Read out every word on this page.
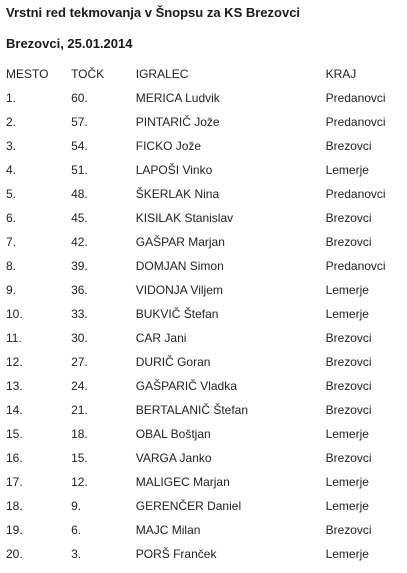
Vrstni red tekmovanja v Šnopsu za KS Brezovci
Brezovci, 25.01.2014
MESTO	TOČK	IGRALEC	KRAJ
1.	60.	MERICA Ludvik	Predanovci
2.	57.	PINTARIČ Jože	Predanovci
3.	54.	FICKO Jože	Brezovci
4.	51.	LAPOŠI Vinko	Lemerje
5.	48.	ŠKERLAK Nina	Predanovci
6.	45.	KISILAK Stanislav	Brezovci
7.	42.	GAŠPAR Marjan	Brezovci
8.	39.	DOMJAN Simon	Predanovci
9.	36.	VIDONJA Viljem	Lemerje
10.	33.	BUKVIČ Štefan	Lemerje
11.	30.	CAR Jani	Brezovci
12.	27.	DURIČ Goran	Brezovci
13.	24.	GAŠPARIČ Vladka	Brezovci
14.	21.	BERTALANIČ Štefan	Brezovci
15.	18.	OBAL Boštjan	Lemerje
16.	15.	VARGA Janko	Brezovci
17.	12.	MALIGEC Marjan	Lemerje
18.	9.	GERENČER Daniel	Lemerje
19.	6.	MAJC Milan	Brezovci
20.	3.	PORŠ Franček	Lemerje
